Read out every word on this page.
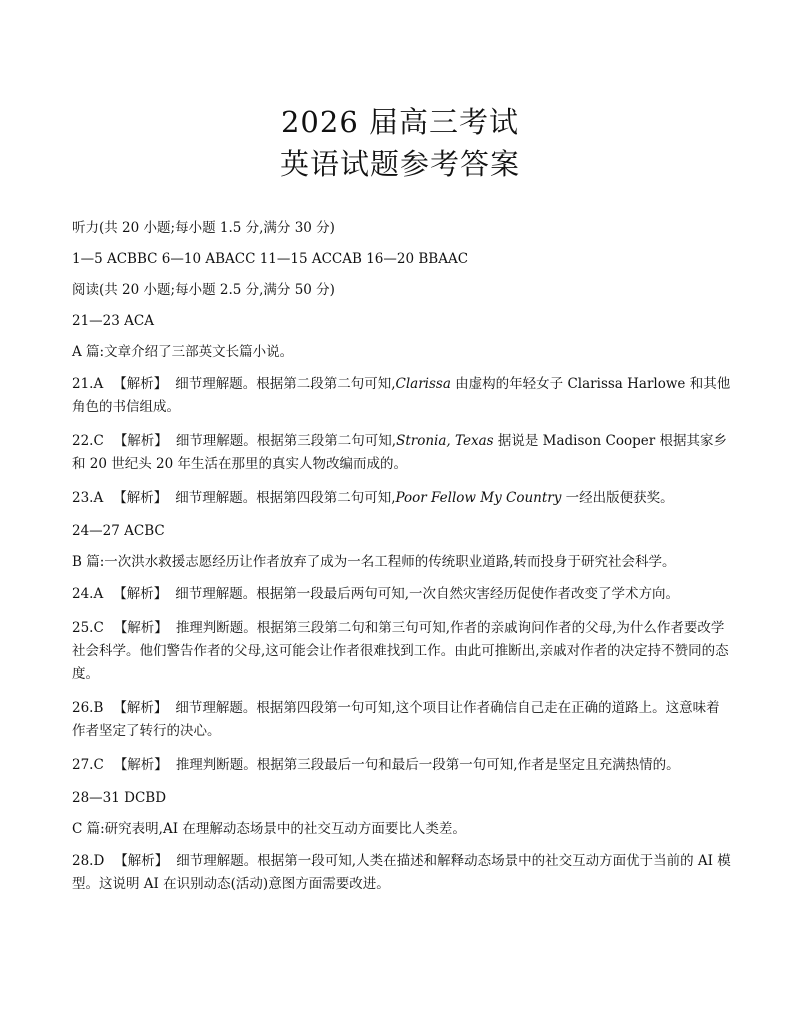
2026 届高三考试
英语试题参考答案
听力(共 20 小题;每小题 1.5 分,满分 30 分)
1—5 ACBBC 6—10 ABACC 11—15 ACCAB 16—20 BBAAC
阅读(共 20 小题;每小题 2.5 分,满分 50 分)
21—23 ACA
A 篇:文章介绍了三部英文长篇小说。
21.A 【解析】 细节理解题。根据第二段第二句可知,Clarissa 由虚构的年轻女子 Clarissa Harlowe 和其他角色的书信组成。
22.C 【解析】 细节理解题。根据第三段第二句可知,Stronia, Texas 据说是 Madison Cooper 根据其家乡和 20 世纪头 20 年生活在那里的真实人物改编而成的。
23.A 【解析】 细节理解题。根据第四段第二句可知,Poor Fellow My Country 一经出版便获奖。
24—27 ACBC
B 篇:一次洪水救援志愿经历让作者放弃了成为一名工程师的传统职业道路,转而投身于研究社会科学。
24.A 【解析】 细节理解题。根据第一段最后两句可知,一次自然灾害经历促使作者改变了学术方向。
25.C 【解析】 推理判断题。根据第三段第二句和第三句可知,作者的亲戚询问作者的父母,为什么作者要改学社会科学。他们警告作者的父母,这可能会让作者很难找到工作。由此可推断出,亲戚对作者的决定持不赞同的态度。
26.B 【解析】 细节理解题。根据第四段第一句可知,这个项目让作者确信自己走在正确的道路上。这意味着作者坚定了转行的决心。
27.C 【解析】 推理判断题。根据第三段最后一句和最后一段第一句可知,作者是坚定且充满热情的。
28—31 DCBD
C 篇:研究表明,AI 在理解动态场景中的社交互动方面要比人类差。
28.D 【解析】 细节理解题。根据第一段可知,人类在描述和解释动态场景中的社交互动方面优于当前的 AI 模型。这说明 AI 在识别动态(活动)意图方面需要改进。
